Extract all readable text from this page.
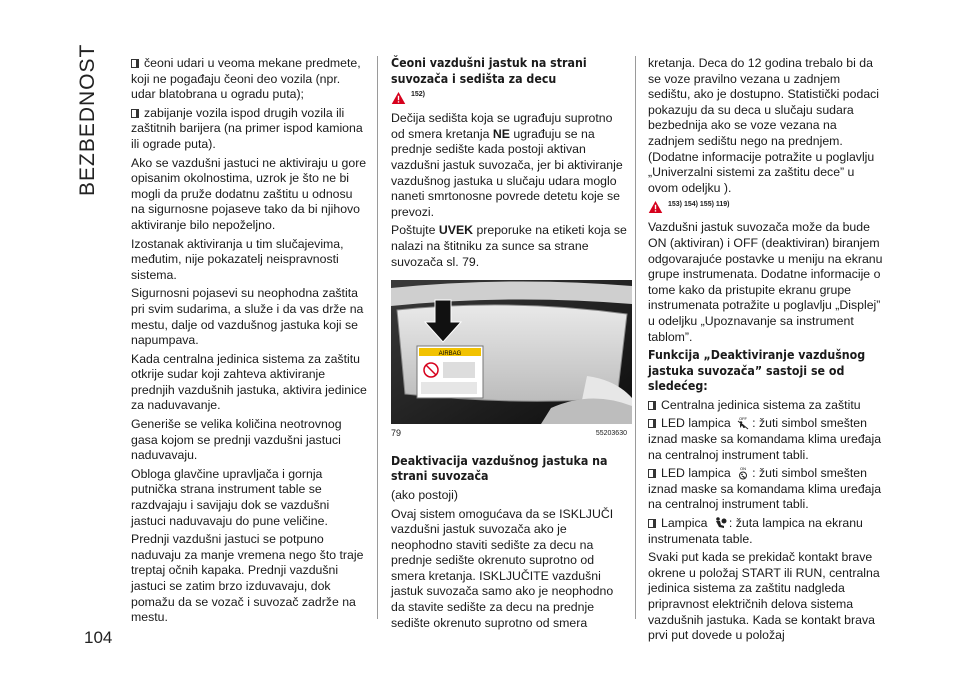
BEZBEDNOST
104

čeoni udari u veoma mekane predmete, koji ne pogađaju čeoni deo vozila (npr. udar blatobrana u ogradu puta);

zabijanje vozila ispod drugih vozila ili zaštitnih barijera (na primer ispod kamiona ili ograde puta).

Ako se vazdušni jastuci ne aktiviraju u gore opisanim okolnostima, uzrok je što ne bi mogli da pruže dodatnu zaštitu u odnosu na sigurnosne pojaseve tako da bi njihovo aktiviranje bilo nepoželjno.

Izostanak aktiviranja u tim slučajevima, međutim, nije pokazatelj neispravnosti sistema.

Sigurnosni pojasevi su neophodna zaštita pri svim sudarima, a služe i da vas drže na mestu, dalje od vazdušnog jastuka koji se napumpava.

Kada centralna jedinica sistema za zaštitu otkrije sudar koji zahteva aktiviranje prednjih vazdušnih jastuka, aktivira jedinice za naduvavanje.

Generiše se velika količina neotrovnog gasa kojom se prednji vazdušni jastuci naduvavaju.

Obloga glavčine upravljača i gornja putnička strana instrument table se razdvajaju i savijaju dok se vazdušni jastuci naduvavaju do pune veličine.

Prednji vazdušni jastuci se potpuno naduvaju za manje vremena nego što traje treptaj očnih kapaka. Prednji vazdušni jastuci se zatim brzo izduvavaju, dok pomažu da se vozač i suvozač zadrže na mestu.

Čeoni vazdušni jastuk na strani suvozača i sedišta za decu
152)

Dečija sedišta koja se ugrađuju suprotno od smera kretanja NE ugrađuju se na prednje sedište kada postoji aktivan vazdušni jastuk suvozača, jer bi aktiviranje vazdušnog jastuka u slučaju udara moglo naneti smrtonosne povrede detetu koje se prevozi.

Poštujte UVEK preporuke na etiketi koja se nalazi na štitniku za sunce sa strane suvozača sl. 79.

AIRBAG
79	55203630
Deaktivacija vazdušnog jastuka na strani suvozača

(ako postoji)

Ovaj sistem omogućava da se ISKLJUČI vazdušni jastuk suvozača ako je neophodno staviti sedište za decu na prednje sedište okrenuto suprotno od smera kretanja. ISKLJUČITE vazdušni jastuk suvozača samo ako je neophodno da stavite sedište za decu na prednje sedište okrenuto suprotno od smera

kretanja. Deca do 12 godina trebalo bi da se voze pravilno vezana u zadnjem sedištu, ako je dostupno. Statistički podaci pokazuju da su deca u slučaju sudara bezbednija ako se voze vezana na zadnjem sedištu nego na prednjem. (Dodatne informacije potražite u poglavlju „Univerzalni sistemi za zaštitu dece” u ovom odeljku ).

153) 154) 155) 119)

Vazdušni jastuk suvozača može da bude ON (aktiviran) i OFF (deaktiviran) biranjem odgovarajuće postavke u meniju na ekranu grupe instrumenata. Dodatne informacije o tome kako da pristupite ekranu grupe instrumenata potražite u poglavlju „Displej” u odeljku „Upoznavanje sa instrument tablom”.

Funkcija „Deaktiviranje vazdušnog jastuka suvozača” sastoji se od sledećeg:

Centralna jedinica sistema za zaštitu

LED lampica OFF : žuti simbol smešten iznad maske sa komandama klima uređaja na centralnoj instrument tabli.

LED lampica ON : žuti simbol smešten iznad maske sa komandama klima uređaja na centralnoj instrument tabli.

Lampica : žuta lampica na ekranu instrumenata table.

Svaki put kada se prekidač kontakt bravе okrene u položaj START ili RUN, centralna jedinica sistema za zaštitu nadgleda pripravnost električnih delova sistema vazdušnih jastuka. Kada se kontakt brava prvi put dovede u položaj
